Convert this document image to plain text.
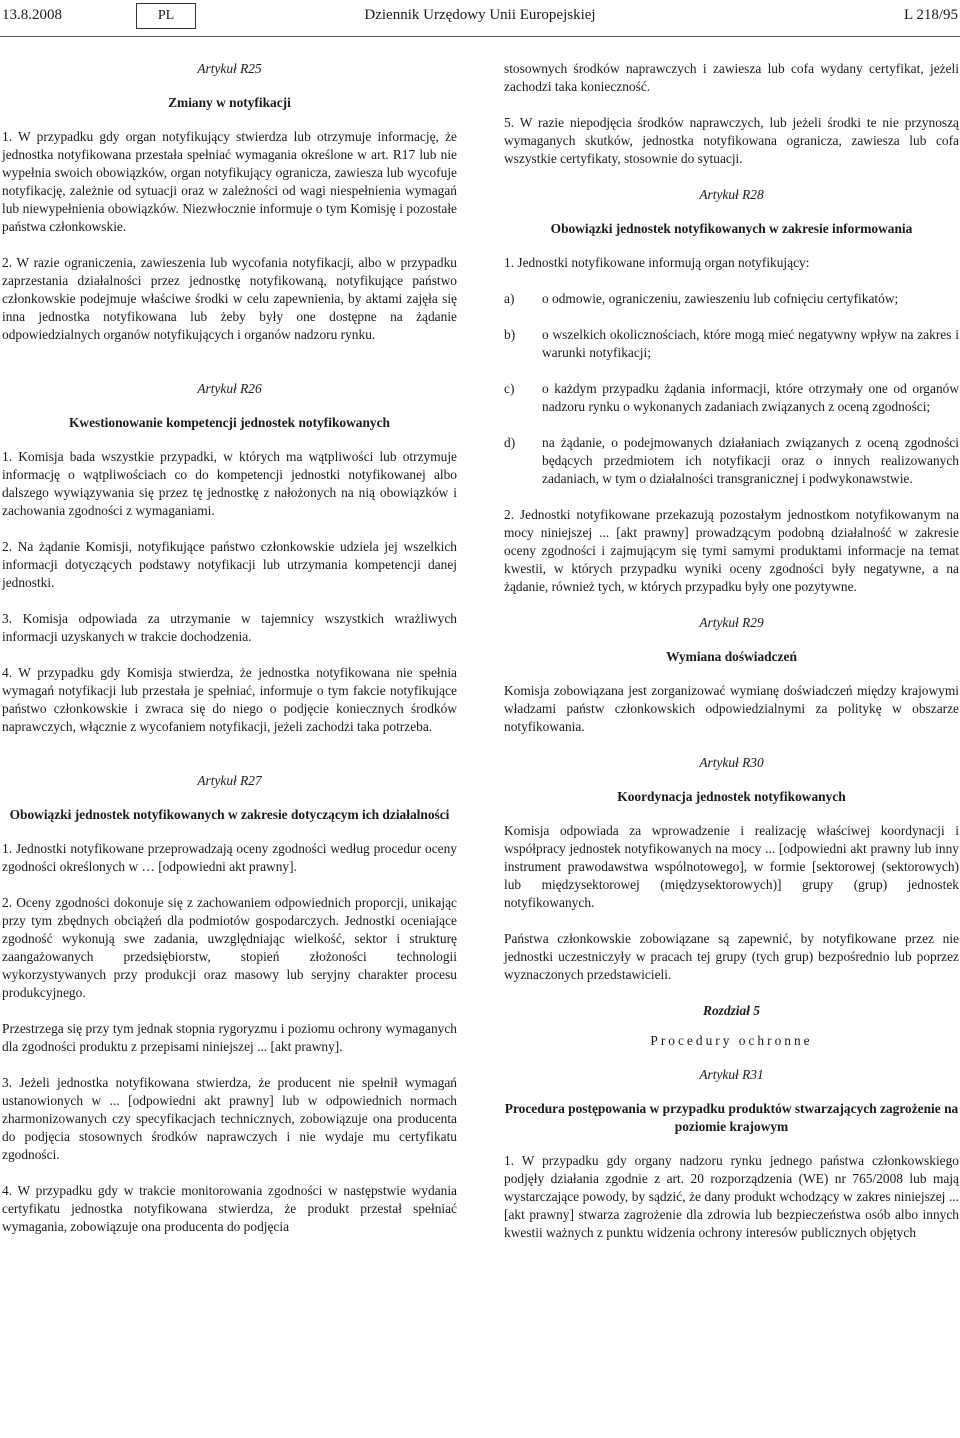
13.8.2008	PL	Dziennik Urzędowy Unii Europejskiej	L 218/95
Artykuł R25
Zmiany w notyfikacji

1. W przypadku gdy organ notyfikujący stwierdza lub otrzymuje informację, że jednostka notyfikowana przestała spełniać wymagania określone w art. R17 lub nie wypełnia swoich obowiązków, organ notyfikujący ogranicza, zawiesza lub wycofuje notyfikację, zależnie od sytuacji oraz w zależności od wagi niespełnienia wymagań lub niewypełnienia obowiązków. Niezwłocznie informuje o tym Komisję i pozostałe państwa członkowskie.

2. W razie ograniczenia, zawieszenia lub wycofania notyfikacji, albo w przypadku zaprzestania działalności przez jednostkę notyfikowaną, notyfikujące państwo członkowskie podejmuje właściwe środki w celu zapewnienia, by aktami zajęła się inna jednostka notyfikowana lub żeby były one dostępne na żądanie odpowiedzialnych organów notyfikujących i organów nadzoru rynku.

Artykuł R26
Kwestionowanie kompetencji jednostek notyfikowanych

1. Komisja bada wszystkie przypadki, w których ma wątpliwości lub otrzymuje informację o wątpliwościach co do kompetencji jednostki notyfikowanej albo dalszego wywiązywania się przez tę jednostkę z nałożonych na nią obowiązków i zachowania zgodności z wymaganiami.

2. Na żądanie Komisji, notyfikujące państwo członkowskie udziela jej wszelkich informacji dotyczących podstawy notyfikacji lub utrzymania kompetencji danej jednostki.

3. Komisja odpowiada za utrzymanie w tajemnicy wszystkich wrażliwych informacji uzyskanych w trakcie dochodzenia.

4. W przypadku gdy Komisja stwierdza, że jednostka notyfikowana nie spełnia wymagań notyfikacji lub przestała je spełniać, informuje o tym fakcie notyfikujące państwo członkowskie i zwraca się do niego o podjęcie koniecznych środków naprawczych, włącznie z wycofaniem notyfikacji, jeżeli zachodzi taka potrzeba.

Artykuł R27
Obowiązki jednostek notyfikowanych w zakresie dotyczącym ich działalności

1. Jednostki notyfikowane przeprowadzają oceny zgodności według procedur oceny zgodności określonych w … [odpowiedni akt prawny].

2. Oceny zgodności dokonuje się z zachowaniem odpowiednich proporcji, unikając przy tym zbędnych obciążeń dla podmiotów gospodarczych. Jednostki oceniające zgodność wykonują swe zadania, uwzględniając wielkość, sektor i strukturę zaangażowanych przedsiębiorstw, stopień złożoności technologii wykorzystywanych przy produkcji oraz masowy lub seryjny charakter procesu produkcyjnego.

Przestrzega się przy tym jednak stopnia rygoryzmu i poziomu ochrony wymaganych dla zgodności produktu z przepisami niniejszej ... [akt prawny].

3. Jeżeli jednostka notyfikowana stwierdza, że producent nie spełnił wymagań ustanowionych w ... [odpowiedni akt prawny] lub w odpowiednich normach zharmonizowanych czy specyfikacjach technicznych, zobowiązuje ona producenta do podjęcia stosownych środków naprawczych i nie wydaje mu certyfikatu zgodności.

4. W przypadku gdy w trakcie monitorowania zgodności w następstwie wydania certyfikatu jednostka notyfikowana stwierdza, że produkt przestał spełniać wymagania, zobowiązuje ona producenta do podjęcia

stosownych środków naprawczych i zawiesza lub cofa wydany certyfikat, jeżeli zachodzi taka konieczność.

5. W razie niepodjęcia środków naprawczych, lub jeżeli środki te nie przynoszą wymaganych skutków, jednostka notyfikowana ogranicza, zawiesza lub cofa wszystkie certyfikaty, stosownie do sytuacji.

Artykuł R28
Obowiązki jednostek notyfikowanych w zakresie informowania

1. Jednostki notyfikowane informują organ notyfikujący:

a)	o odmowie, ograniczeniu, zawieszeniu lub cofnięciu certyfikatów;
b)	o wszelkich okolicznościach, które mogą mieć negatywny wpływ na zakres i warunki notyfikacji;
c)	o każdym przypadku żądania informacji, które otrzymały one od organów nadzoru rynku o wykonanych zadaniach związanych z oceną zgodności;
d)	na żądanie, o podejmowanych działaniach związanych z oceną zgodności będących przedmiotem ich notyfikacji oraz o innych realizowanych zadaniach, w tym o działalności transgranicznej i podwykonawstwie.

2. Jednostki notyfikowane przekazują pozostałym jednostkom notyfikowanym na mocy niniejszej ... [akt prawny] prowadzącym podobną działalność w zakresie oceny zgodności i zajmującym się tymi samymi produktami informacje na temat kwestii, w których przypadku wyniki oceny zgodności były negatywne, a na żądanie, również tych, w których przypadku były one pozytywne.

Artykuł R29
Wymiana doświadczeń

Komisja zobowiązana jest zorganizować wymianę doświadczeń między krajowymi władzami państw członkowskich odpowiedzialnymi za politykę w obszarze notyfikowania.

Artykuł R30
Koordynacja jednostek notyfikowanych

Komisja odpowiada za wprowadzenie i realizację właściwej koordynacji i współpracy jednostek notyfikowanych na mocy ... [odpowiedni akt prawny lub inny instrument prawodawstwa wspólnotowego], w formie [sektorowej (sektorowych) lub międzysektorowej (międzysektorowych)] grupy (grup) jednostek notyfikowanych.

Państwa członkowskie zobowiązane są zapewnić, by notyfikowane przez nie jednostki uczestniczyły w pracach tej grupy (tych grup) bezpośrednio lub poprzez wyznaczonych przedstawicieli.

Rozdział 5
Procedury ochronne
Artykuł R31
Procedura postępowania w przypadku produktów stwarzających zagrożenie na poziomie krajowym

1. W przypadku gdy organy nadzoru rynku jednego państwa członkowskiego podjęły działania zgodnie z art. 20 rozporządzenia (WE) nr 765/2008 lub mają wystarczające powody, by sądzić, że dany produkt wchodzący w zakres niniejszej ... [akt prawny] stwarza zagrożenie dla zdrowia lub bezpieczeństwa osób albo innych kwestii ważnych z punktu widzenia ochrony interesów publicznych objętych
